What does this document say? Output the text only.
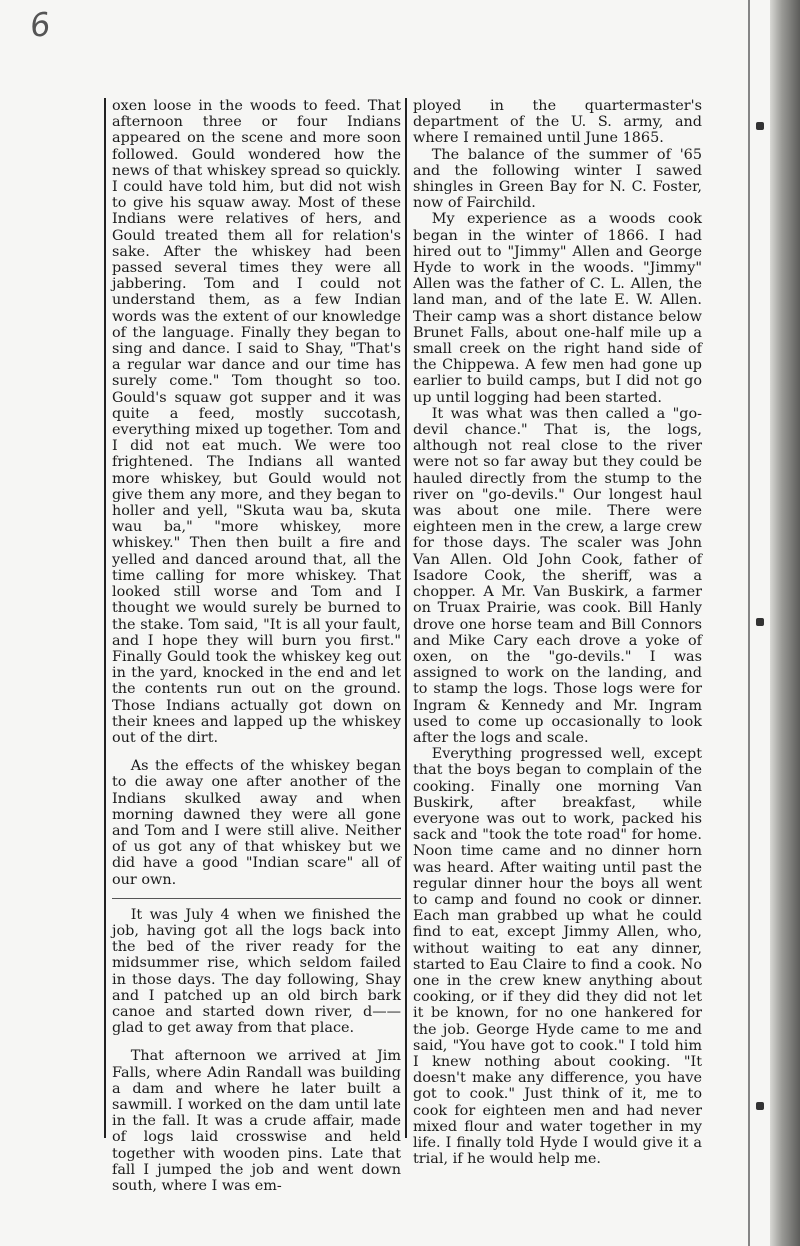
6

oxen loose in the woods to feed. That afternoon three or four Indians appeared on the scene and more soon followed. Gould wondered how the news of that whiskey spread so quickly. I could have told him, but did not wish to give his squaw away. Most of these Indians were relatives of hers, and Gould treated them all for relation's sake. After the whiskey had been passed several times they were all jabbering. Tom and I could not understand them, as a few Indian words was the extent of our knowledge of the language. Finally they began to sing and dance. I said to Shay, "That's a regular war dance and our time has surely come." Tom thought so too. Gould's squaw got supper and it was quite a feed, mostly succotash, everything mixed up together. Tom and I did not eat much. We were too frightened. The Indians all wanted more whiskey, but Gould would not give them any more, and they began to holler and yell, "Skuta wau ba, skuta wau ba," "more whiskey, more whiskey." Then then built a fire and yelled and danced around that, all the time calling for more whiskey. That looked still worse and Tom and I thought we would surely be burned to the stake. Tom said, "It is all your fault, and I hope they will burn you first." Finally Gould took the whiskey keg out in the yard, knocked in the end and let the contents run out on the ground. Those Indians actually got down on their knees and lapped up the whiskey out of the dirt.

As the effects of the whiskey began to die away one after another of the Indians skulked away and when morning dawned they were all gone and Tom and I were still alive. Neither of us got any of that whiskey but we did have a good "Indian scare" all of our own.

It was July 4 when we finished the job, having got all the logs back into the bed of the river ready for the midsummer rise, which seldom failed in those days. The day following, Shay and I patched up an old birch bark canoe and started down river, d—— glad to get away from that place.

That afternoon we arrived at Jim Falls, where Adin Randall was building a dam and where he later built a sawmill. I worked on the dam until late in the fall. It was a crude affair, made of logs laid crosswise and held together with wooden pins. Late that fall I jumped the job and went down south, where I was em-

ployed in the quartermaster's department of the U. S. army, and where I remained until June 1865.

The balance of the summer of '65 and the following winter I sawed shingles in Green Bay for N. C. Foster, now of Fairchild.

My experience as a woods cook began in the winter of 1866. I had hired out to "Jimmy" Allen and George Hyde to work in the woods. "Jimmy" Allen was the father of C. L. Allen, the land man, and of the late E. W. Allen. Their camp was a short distance below Brunet Falls, about one-half mile up a small creek on the right hand side of the Chippewa. A few men had gone up earlier to build camps, but I did not go up until logging had been started.

It was what was then called a "go-devil chance." That is, the logs, although not real close to the river were not so far away but they could be hauled directly from the stump to the river on "go-devils." Our longest haul was about one mile. There were eighteen men in the crew, a large crew for those days. The scaler was John Van Allen. Old John Cook, father of Isadore Cook, the sheriff, was a chopper. A Mr. Van Buskirk, a farmer on Truax Prairie, was cook. Bill Hanly drove one horse team and Bill Connors and Mike Cary each drove a yoke of oxen, on the "go-devils." I was assigned to work on the landing, and to stamp the logs. Those logs were for Ingram & Kennedy and Mr. Ingram used to come up occasionally to look after the logs and scale.

Everything progressed well, except that the boys began to complain of the cooking. Finally one morning Van Buskirk, after breakfast, while everyone was out to work, packed his sack and "took the tote road" for home. Noon time came and no dinner horn was heard. After waiting until past the regular dinner hour the boys all went to camp and found no cook or dinner. Each man grabbed up what he could find to eat, except Jimmy Allen, who, without waiting to eat any dinner, started to Eau Claire to find a cook. No one in the crew knew anything about cooking, or if they did they did not let it be known, for no one hankered for the job. George Hyde came to me and said, "You have got to cook." I told him I knew nothing about cooking. "It doesn't make any difference, you have got to cook." Just think of it, me to cook for eighteen men and had never mixed flour and water together in my life. I finally told Hyde I would give it a trial, if he would help me.
